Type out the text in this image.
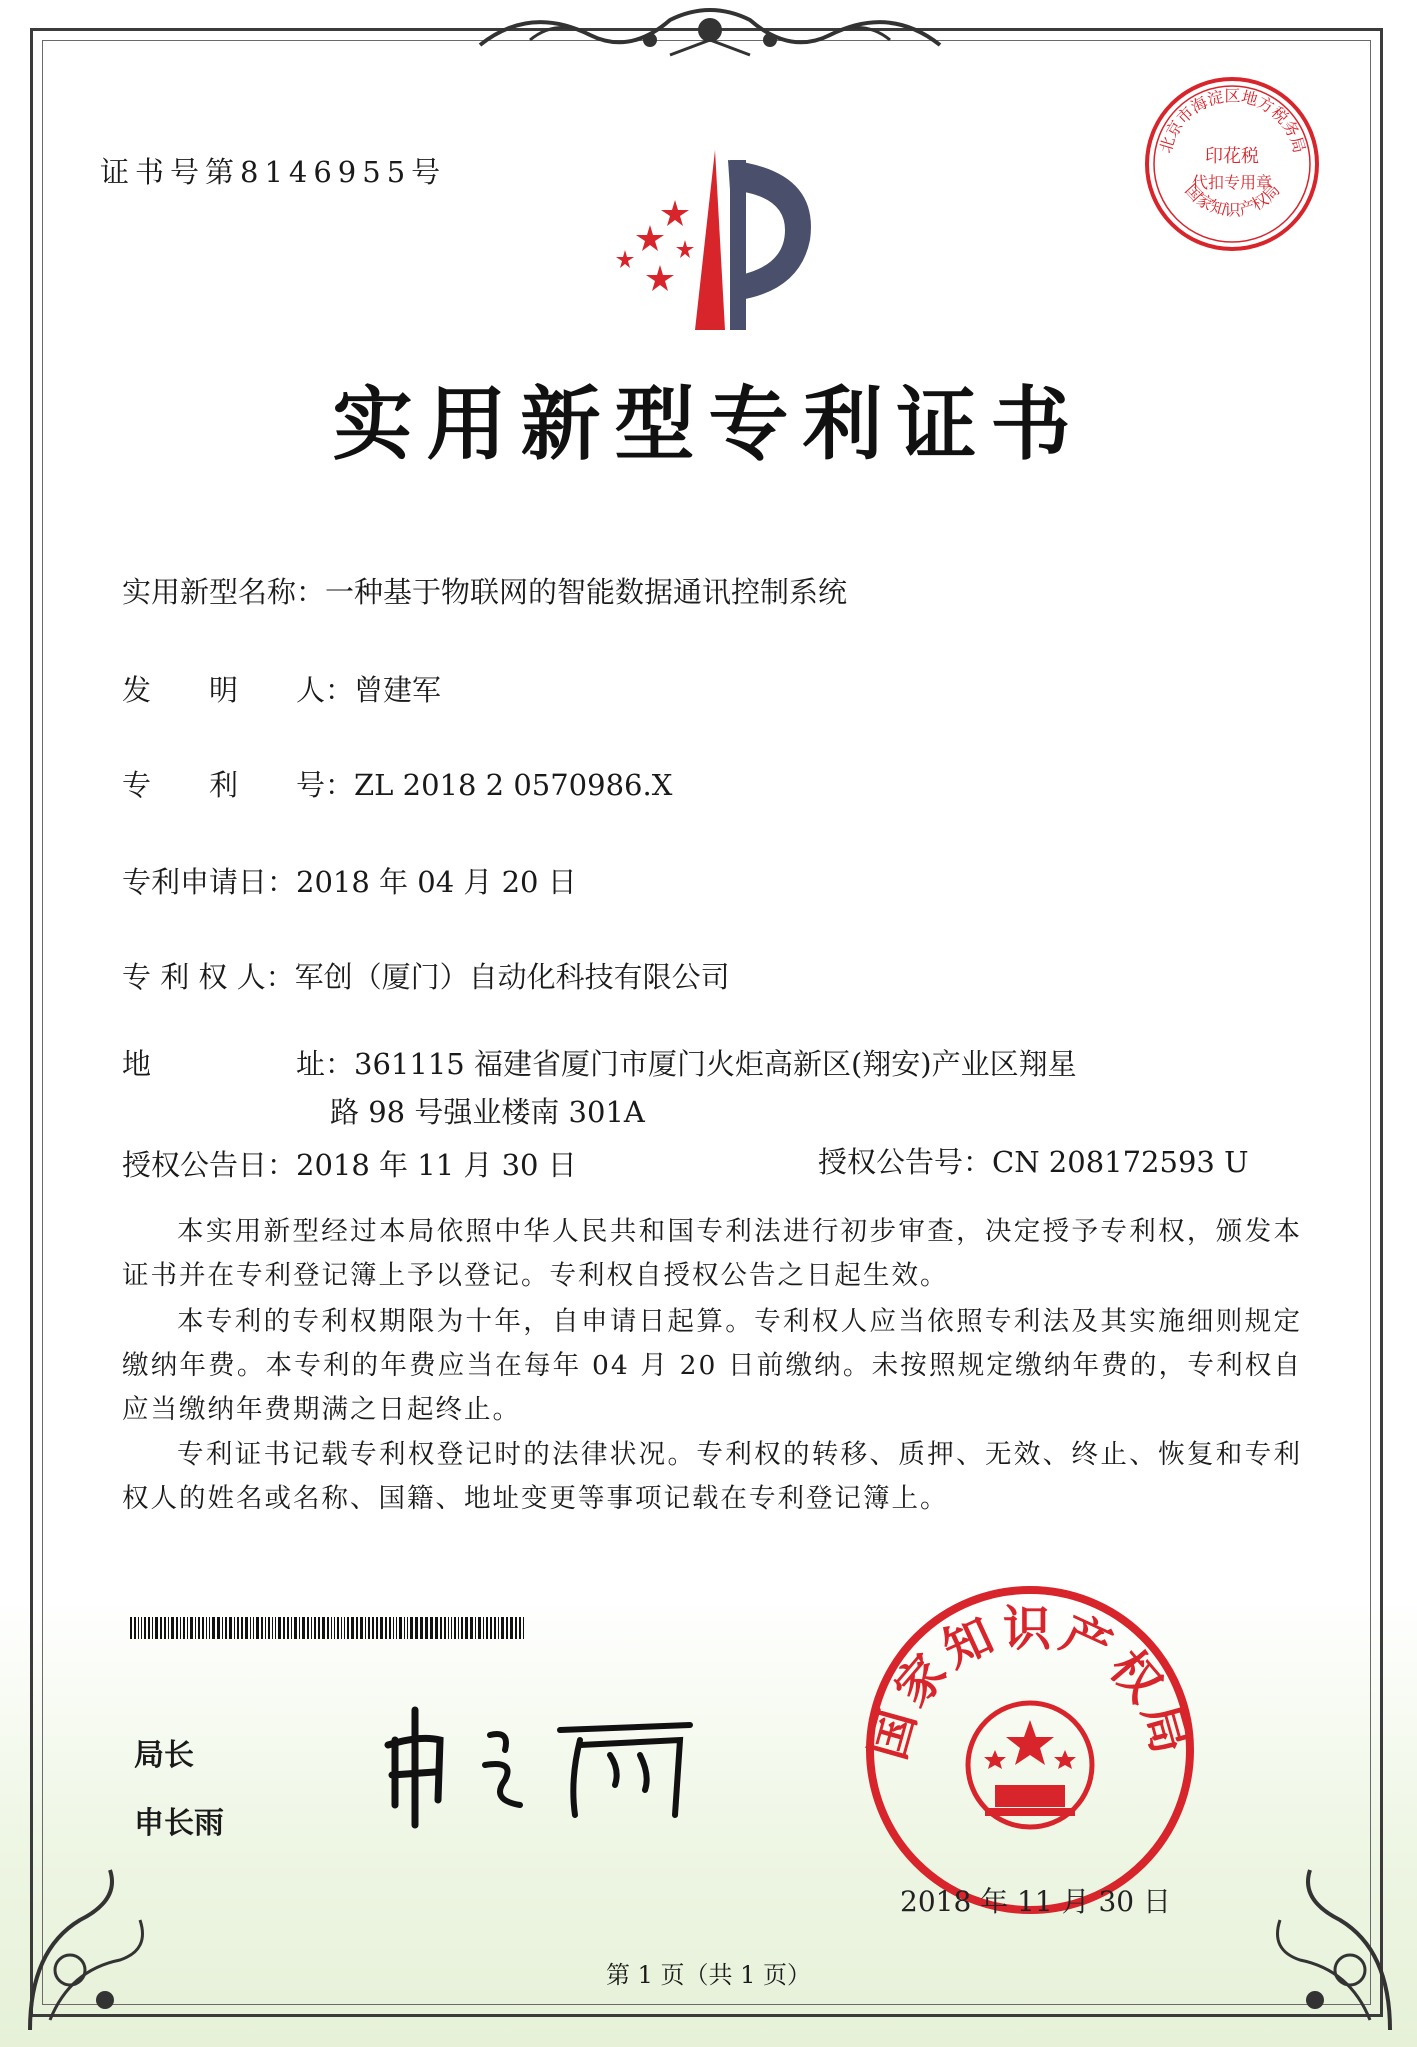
证书号第8146955号
实用新型专利证书
北京市海淀区地方税务局
印花税
代扣专用章
国家知识产权局
实用新型名称：一种基于物联网的智能数据通讯控制系统
发　　明　　人：曾建军
专　　利　　号：ZL 2018 2 0570986.X
专利申请日：2018 年 04 月 20 日
专 利 权 人：军创（厦门）自动化科技有限公司
地　　　　　址：361115 福建省厦门市厦门火炬高新区(翔安)产业区翔星
路 98 号强业楼南 301A
授权公告日：2018 年 11 月 30 日	授权公告号：CN 208172593 U
本实用新型经过本局依照中华人民共和国专利法进行初步审查，决定授予专利权，颁发本证书并在专利登记簿上予以登记。专利权自授权公告之日起生效。
本专利的专利权期限为十年，自申请日起算。专利权人应当依照专利法及其实施细则规定缴纳年费。本专利的年费应当在每年 04 月 20 日前缴纳。未按照规定缴纳年费的，专利权自应当缴纳年费期满之日起终止。
专利证书记载专利权登记时的法律状况。专利权的转移、质押、无效、终止、恢复和专利权人的姓名或名称、国籍、地址变更等事项记载在专利登记簿上。
局长
申长雨
国家知识产权局
2018 年 11 月 30 日
第 1 页（共 1 页）
